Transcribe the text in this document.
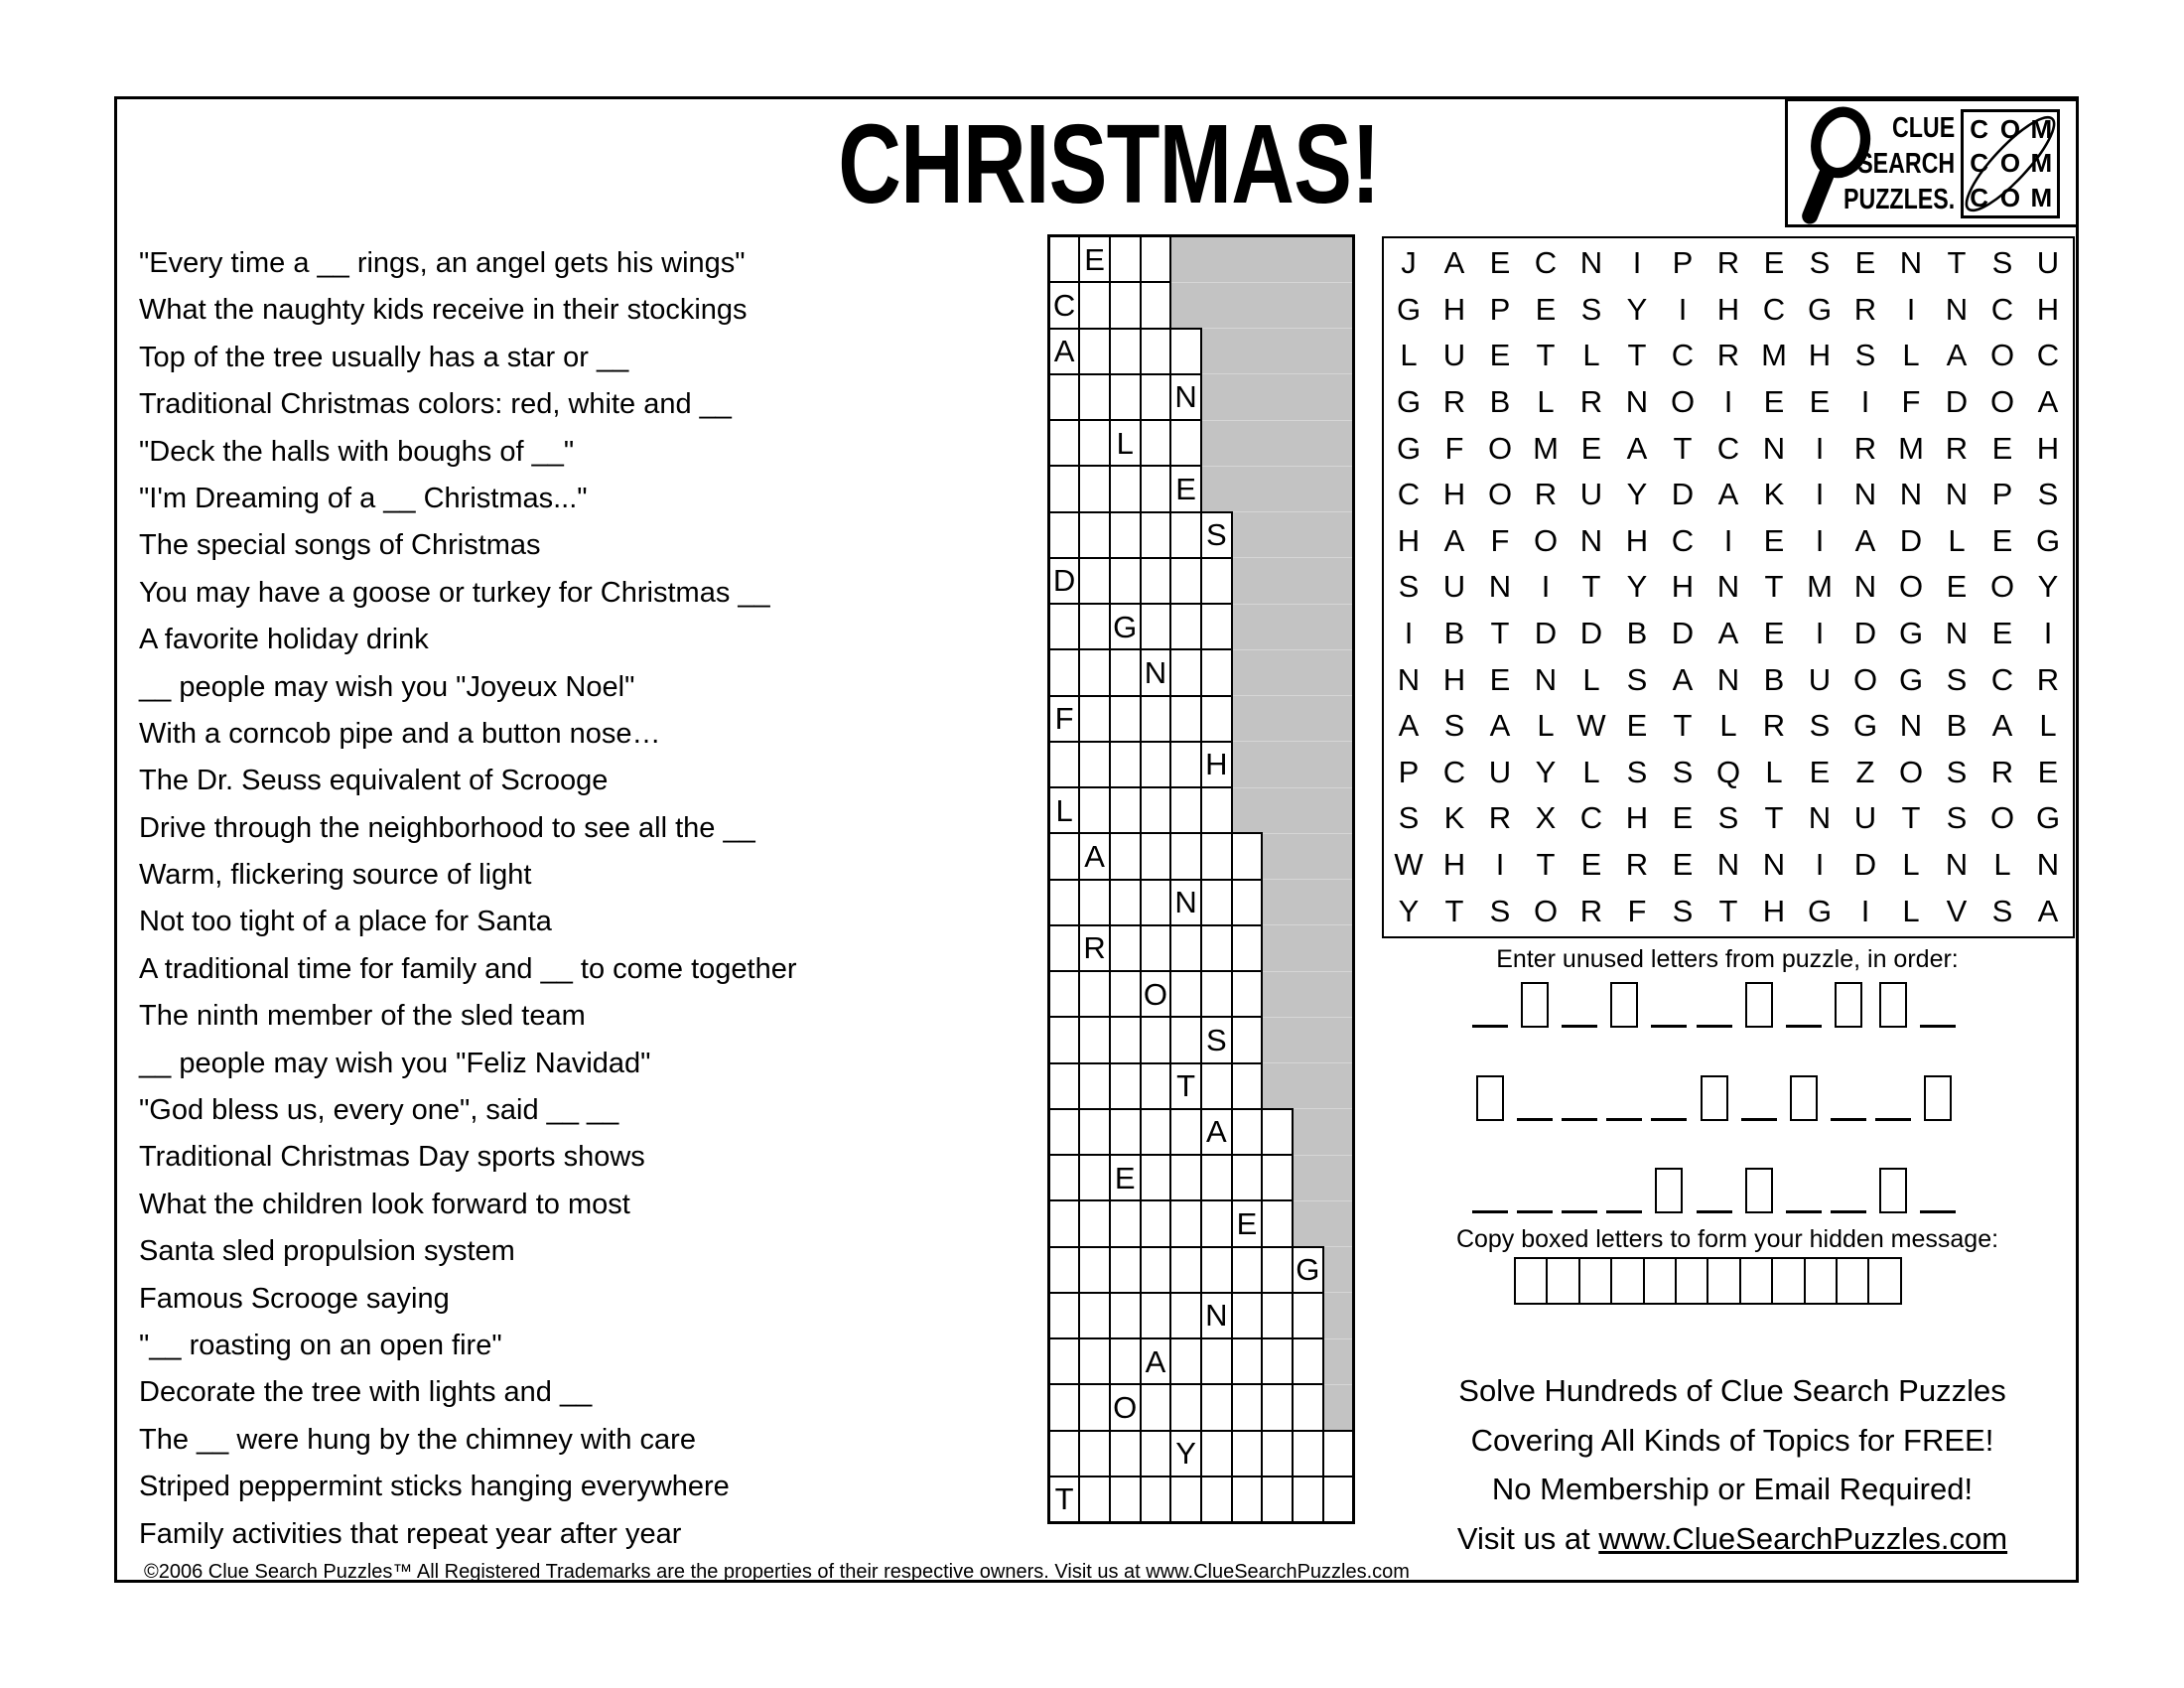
CHRISTMAS!	CLUE
SEARCH
PUZZLES.
C O M
C O M
C O M
"Every time a __ rings, an angel gets his wings"
What the naughty kids receive in their stockings
Top of the tree usually has a star or __
Traditional Christmas colors: red, white and __
"Deck the halls with boughs of __"
"I'm Dreaming of a __ Christmas..."
The special songs of Christmas
You may have a goose or turkey for Christmas __
A favorite holiday drink
__ people may wish you "Joyeux Noel"
With a corncob pipe and a button nose…
The Dr. Seuss equivalent of Scrooge
Drive through the neighborhood to see all the __
Warm, flickering source of light
Not too tight of a place for Santa
A traditional time for family and __ to come together
The ninth member of the sled team
__ people may wish you "Feliz Navidad"
"God bless us, every one", said __ __
Traditional Christmas Day sports shows
What the children look forward to most
Santa sled propulsion system
Famous Scrooge saying
"__ roasting on an open fire"
Decorate the tree with lights and __
The __ were hung by the chimney with care
Striped peppermint sticks hanging everywhere
Family activities that repeat year after year
	E								
C									
A									
				N					
		L							
				E					
					S				
D									
		G							
			N						
F									
					H				
L									
	A								
				N					
	R								
			O						
					S				
				T					
					A				
		E							
						E			
								G	
					N				
			A						
		O							
				Y					
T									
J A E C N I	P R E S E N T S U
G H P E S Y	I H C G R I N C H
L U E T L T C R M H S L A O C
G R B L R N O I	E E	I	F D O A
G F O M E A T C N I R M R E H
C H O R U Y D A K	I N N N P S
H A F O N H C I	E	I	A D L E G
S U N I	T Y H N T M N O E O Y
I	B T D D B D A E	I D G N E	I
N H E N L S A N B U O G S C R
A S A L W E T L R S G N B A L
P C U Y L S S Q L E Z O S R E
S K R X C H E S T N U T S O G
W H I	T E R E N N I D L N L N
Y T S O R F S T H G I	L V S A
Enter unused letters from puzzle, in order:
Copy boxed letters to form your hidden message:
Solve Hundreds of Clue Search Puzzles
Covering All Kinds of Topics for FREE!
No Membership or Email Required!
Visit us at www.ClueSearchPuzzles.com
©2006 Clue Search Puzzles™ All Registered Trademarks are the properties of their respective owners. Visit us at www.ClueSearchPuzzles.com
